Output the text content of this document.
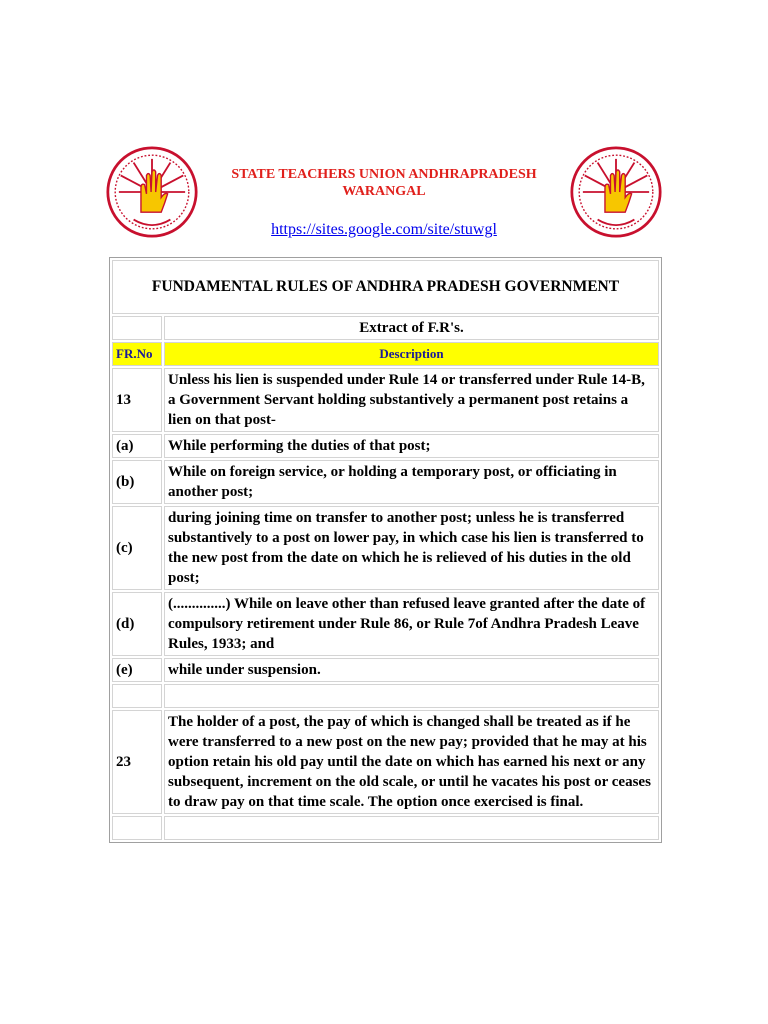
STATE TEACHERS UNION ANDHRAPRADESH
WARANGAL
https://sites.google.com/site/stuwgl
FUNDAMENTAL RULES OF ANDHRA PRADESH GOVERNMENT	
	Extract of F.R's.
FR.No	Description
13	Unless his lien is suspended under Rule 14 or transferred under Rule 14-B, a Government Servant holding substantively a permanent post retains a lien on that post-
(a)	While performing the duties of that post;
(b)	While on foreign service, or holding a temporary post, or officiating in another post;
(c)	during joining time on transfer to another post; unless he is transferred substantively to a post on lower pay, in which case his lien is transferred to the new post from the date on which he is relieved of his duties in the old post;
(d)	(..............) While on leave other than refused leave granted after the date of compulsory retirement under Rule 86, or Rule 7of Andhra Pradesh Leave Rules, 1933; and
(e)	while under suspension.

23	The holder of a post, the pay of which is changed shall be treated as if he were transferred to a new post on the new pay; provided that he may at his option retain his old pay until the date on which has earned his next or any subsequent, increment on the old scale, or until he vacates his post or ceases to draw pay on that time scale. The option once exercised is final.
